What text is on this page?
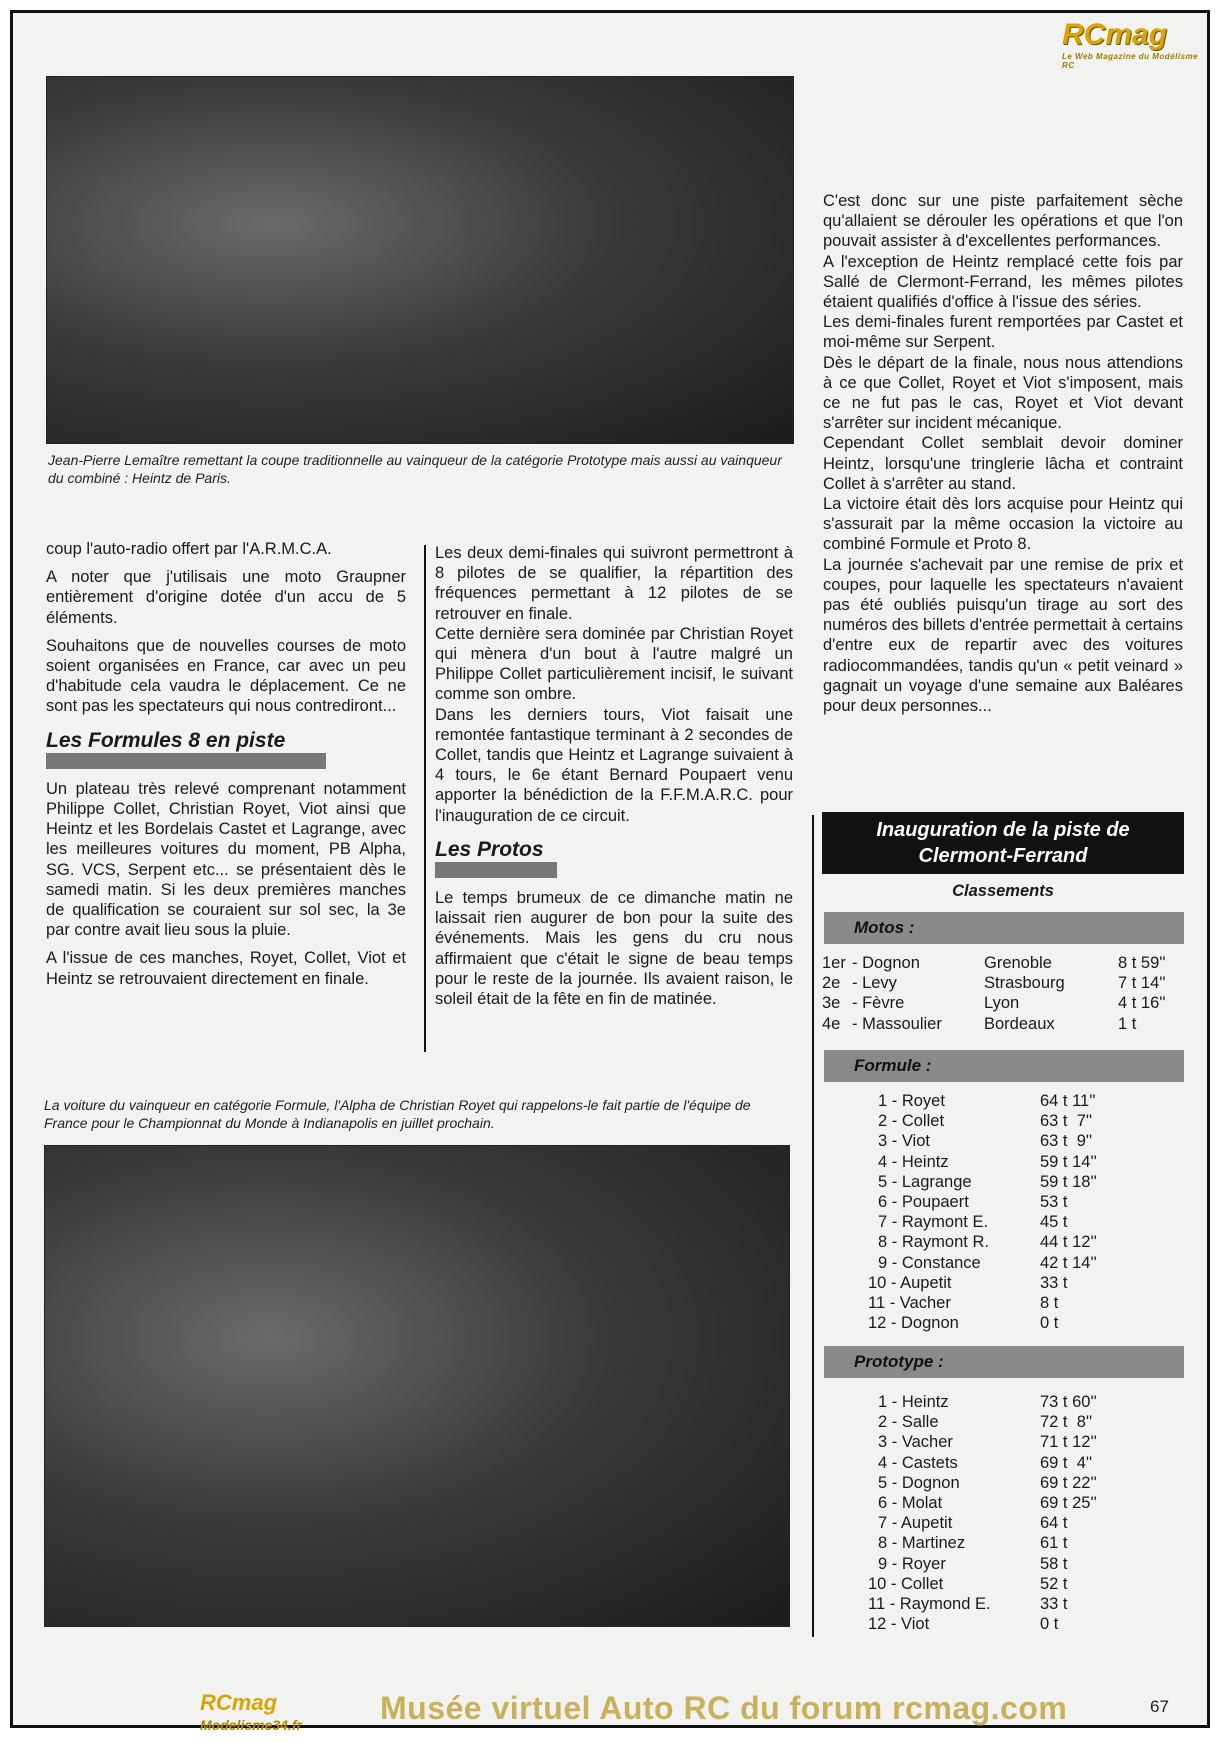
RCmag
Le Web Magazine du Modélisme RC
Jean-Pierre Lemaître remettant la coupe traditionnelle au vainqueur de la catégorie Prototype mais aussi au vainqueur du combiné : Heintz de Paris.

coup l'auto-radio offert par l'A.R.M.C.A.

A noter que j'utilisais une moto Graupner entièrement d'origine dotée d'un accu de 5 éléments.

Souhaitons que de nouvelles courses de moto soient organisées en France, car avec un peu d'habitude cela vaudra le déplacement. Ce ne sont pas les spectateurs qui nous contrediront...

Les Formules 8 en piste

Un plateau très relevé comprenant notamment Philippe Collet, Christian Royet, Viot ainsi que Heintz et les Bordelais Castet et Lagrange, avec les meilleures voitures du moment, PB Alpha, SG. VCS, Serpent etc... se présentaient dès le samedi matin. Si les deux premières manches de qualification se couraient sur sol sec, la 3e par contre avait lieu sous la pluie.

A l'issue de ces manches, Royet, Collet, Viot et Heintz se retrouvaient directement en finale.

Les deux demi-finales qui suivront permettront à 8 pilotes de se qualifier, la répartition des fréquences permettant à 12 pilotes de se retrouver en finale.

Cette dernière sera dominée par Christian Royet qui mènera d'un bout à l'autre malgré un Philippe Collet particulièrement incisif, le suivant comme son ombre.

Dans les derniers tours, Viot faisait une remontée fantastique terminant à 2 secondes de Collet, tandis que Heintz et Lagrange suivaient à 4 tours, le 6e étant Bernard Poupaert venu apporter la bénédiction de la F.F.M.A.R.C. pour l'inauguration de ce circuit.

Les Protos

Le temps brumeux de ce dimanche matin ne laissait rien augurer de bon pour la suite des événements. Mais les gens du cru nous affirmaient que c'était le signe de beau temps pour le reste de la journée. Ils avaient raison, le soleil était de la fête en fin de matinée.

C'est donc sur une piste parfaitement sèche qu'allaient se dérouler les opérations et que l'on pouvait assister à d'excellentes performances.

A l'exception de Heintz remplacé cette fois par Sallé de Clermont-Ferrand, les mêmes pilotes étaient qualifiés d'office à l'issue des séries.

Les demi-finales furent remportées par Castet et moi-même sur Serpent.

Dès le départ de la finale, nous nous attendions à ce que Collet, Royet et Viot s'imposent, mais ce ne fut pas le cas, Royet et Viot devant s'arrêter sur incident mécanique.

Cependant Collet semblait devoir dominer Heintz, lorsqu'une tringlerie lâcha et contraint Collet à s'arrêter au stand.

La victoire était dès lors acquise pour Heintz qui s'assurait par la même occasion la victoire au combiné Formule et Proto 8.

La journée s'achevait par une remise de prix et coupes, pour laquelle les spectateurs n'avaient pas été oubliés puisqu'un tirage au sort des numéros des billets d'entrée permettait à certains d'entre eux de repartir avec des voitures radiocommandées, tandis qu'un « petit veinard » gagnait un voyage d'une semaine aux Baléares pour deux personnes...

La voiture du vainqueur en catégorie Formule, l'Alpha de Christian Royet qui rappelons-le fait partie de l'équipe de France pour le Championnat du Monde à Indianapolis en juillet prochain.
Inauguration de la piste de
Clermont-Ferrand
Classements
Motos :
1er - Dognon	Grenoble	8 t 59''
2e - Levy	Strasbourg	7 t 14''
3e - Fèvre	Lyon	4 t 16''
4e - Massoulier	Bordeaux	1 t
Formule :
1 - Royet	64 t 11''
2 - Collet	63 t  7''
3 - Viot	63 t  9''
4 - Heintz	59 t 14''
5 - Lagrange	59 t 18''
6 - Poupaert	53 t
7 - Raymont E.	45 t
8 - Raymont R.	44 t 12''
9 - Constance	42 t 14''
10 - Aupetit	33 t
11 - Vacher	8 t
12 - Dognon	0 t
Prototype :
1 - Heintz	73 t 60''
2 - Salle	72 t  8''
3 - Vacher	71 t 12''
4 - Castets	69 t  4''
5 - Dognon	69 t 22''
6 - Molat	69 t 25''
7 - Aupetit	64 t
8 - Martinez	61 t
9 - Royer	58 t
10 - Collet	52 t
11 - Raymond E.	33 t
12 - Viot	0 t
RCmag
Modelisme34.fr Musée virtuel Auto RC du forum rcmag.com	67
